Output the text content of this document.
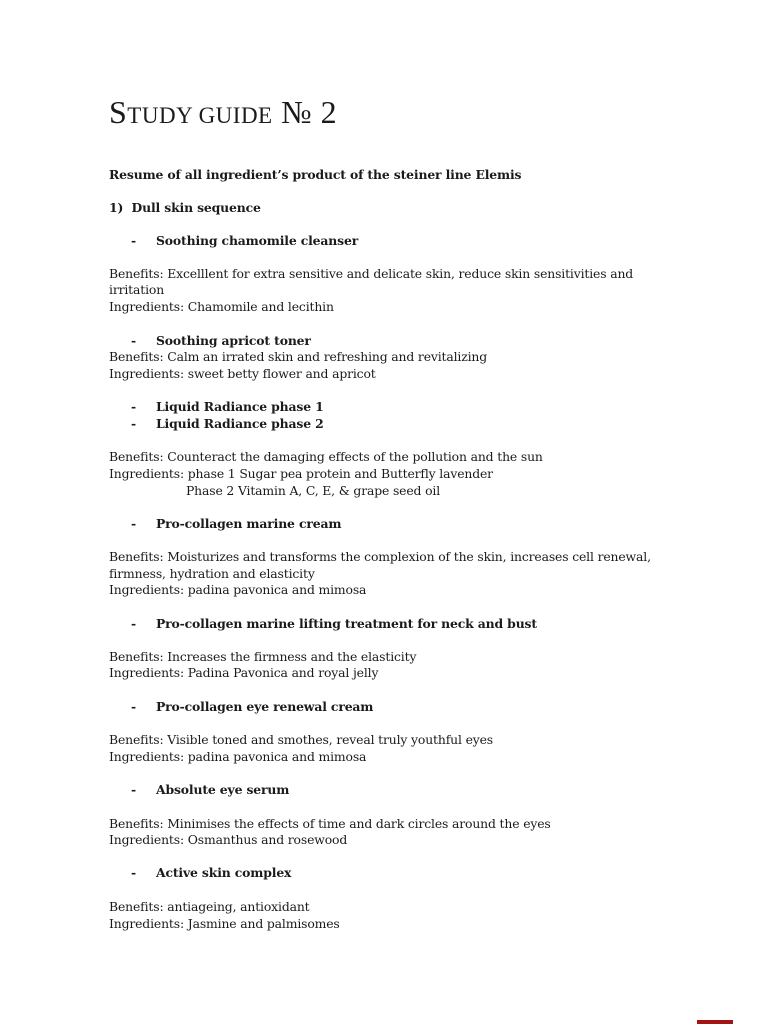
STUDY GUIDE № 2
Resume of all ingredient’s product of the steiner line Elemis
1) Dull skin sequence
- Soothing chamomile cleanser
Benefits: Excelllent for extra sensitive and delicate skin, reduce skin sensitivities and
irritation
Ingredients: Chamomile and lecithin
- Soothing apricot toner
Benefits: Calm an irrated skin and refreshing and revitalizing
Ingredients: sweet betty flower and apricot
- Liquid Radiance phase 1
- Liquid Radiance phase 2
Benefits: Counteract the damaging effects of the pollution and the sun
Ingredients: phase 1 Sugar pea protein and Butterfly lavender
Phase 2 Vitamin A, C, E, & grape seed oil
- Pro-collagen marine cream
Benefits: Moisturizes and transforms the complexion of the skin, increases cell renewal,
firmness, hydration and elasticity
Ingredients: padina pavonica and mimosa
- Pro-collagen marine lifting treatment for neck and bust
Benefits: Increases the firmness and the elasticity
Ingredients: Padina Pavonica and royal jelly
- Pro-collagen eye renewal cream
Benefits: Visible toned and smothes, reveal truly youthful eyes
Ingredients: padina pavonica and mimosa
- Absolute eye serum
Benefits: Minimises the effects of time and dark circles around the eyes
Ingredients: Osmanthus and rosewood
- Active skin complex
Benefits: antiageing, antioxidant
Ingredients: Jasmine and palmisomes
